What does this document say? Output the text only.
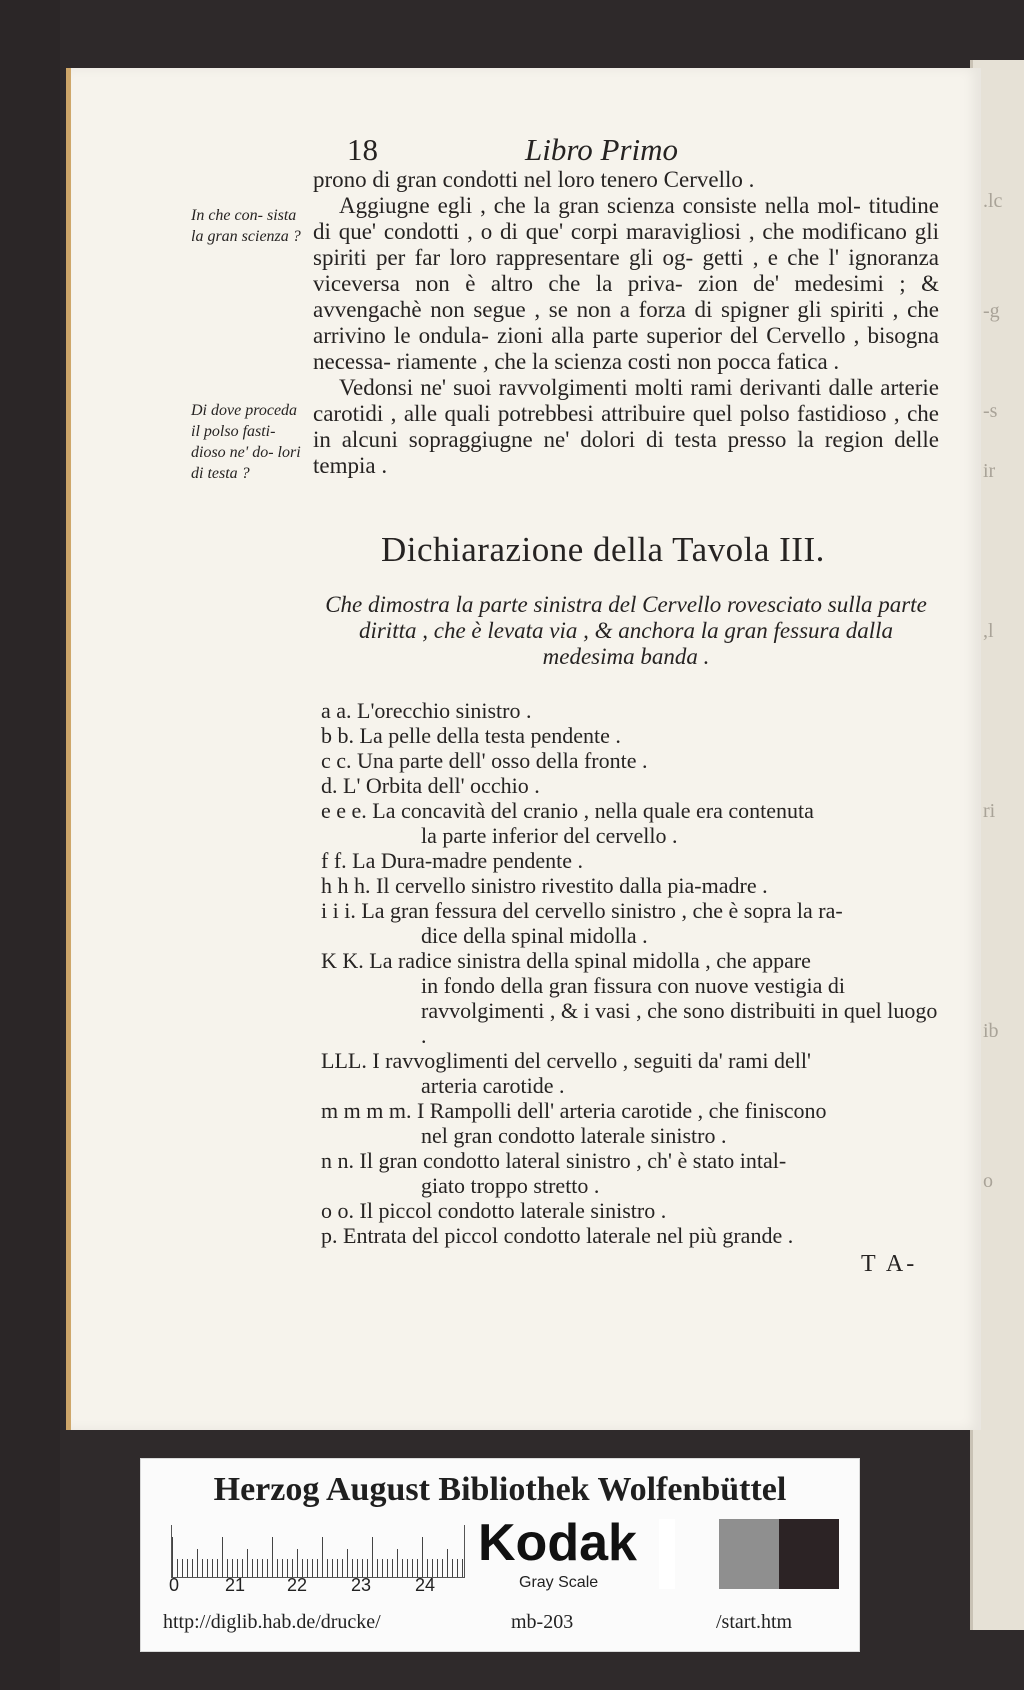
.lc
-g
-s
ir
,l
ri
ib
o
18	Libro Primo
In che con- sista la gran scienza ?
Di dove proceda il polso fasti- dioso ne' do- lori di testa ?

prono di gran condotti nel loro tenero Cervello .

Aggiugne egli , che la gran scienza consiste nella mol- titudine di que' condotti , o di que' corpi maravigliosi , che modificano gli spiriti per far loro rappresentare gli og- getti , e che l' ignoranza viceversa non è altro che la priva- zion de' medesimi ; & avvengachè non segue , se non a forza di spigner gli spiriti , che arrivino le ondula- zioni alla parte superior del Cervello , bisogna necessa- riamente , che la scienza costi non pocca fatica .

Vedonsi ne' suoi ravvolgimenti molti rami derivanti dalle arterie carotidi , alle quali potrebbesi attribuire quel polso fastidioso , che in alcuni sopraggiugne ne' dolori di testa presso la region delle tempia .

Dichiarazione della Tavola III.
Che dimostra la parte sinistra del Cervello rovesciato sulla parte diritta , che è levata via , & anchora la gran fessura dalla medesima banda .
a a. L'orecchio sinistro .
b b. La pelle della testa pendente .
c c. Una parte dell' osso della fronte .
d. L' Orbita dell' occhio .
e e e. La concavità del cranio , nella quale era contenuta
la parte inferior del cervello .
f f. La Dura-madre pendente .
h h h. Il cervello sinistro rivestito dalla pia-madre .
i i i. La gran fessura del cervello sinistro , che è sopra la ra-
dice della spinal midolla .
K K. La radice sinistra della spinal midolla , che appare
in fondo della gran fissura con nuove vestigia di ravvolgimenti , & i vasi , che sono distribuiti in quel luogo .
LLL. I ravvoglimenti del cervello , seguiti da' rami dell'
arteria carotide .
m m m m. I Rampolli dell' arteria carotide , che finiscono
nel gran condotto laterale sinistro .
n n. Il gran condotto lateral sinistro , ch' è stato intal-
giato troppo stretto .
o o. Il piccol condotto laterale sinistro .
p. Entrata del piccol condotto laterale nel più grande .
T A-
Herzog August Bibliothek Wolfenbüttel
0	21 22 23 24
Kodak
Gray Scale
http://diglib.hab.de/drucke/	mb-203	/start.htm
